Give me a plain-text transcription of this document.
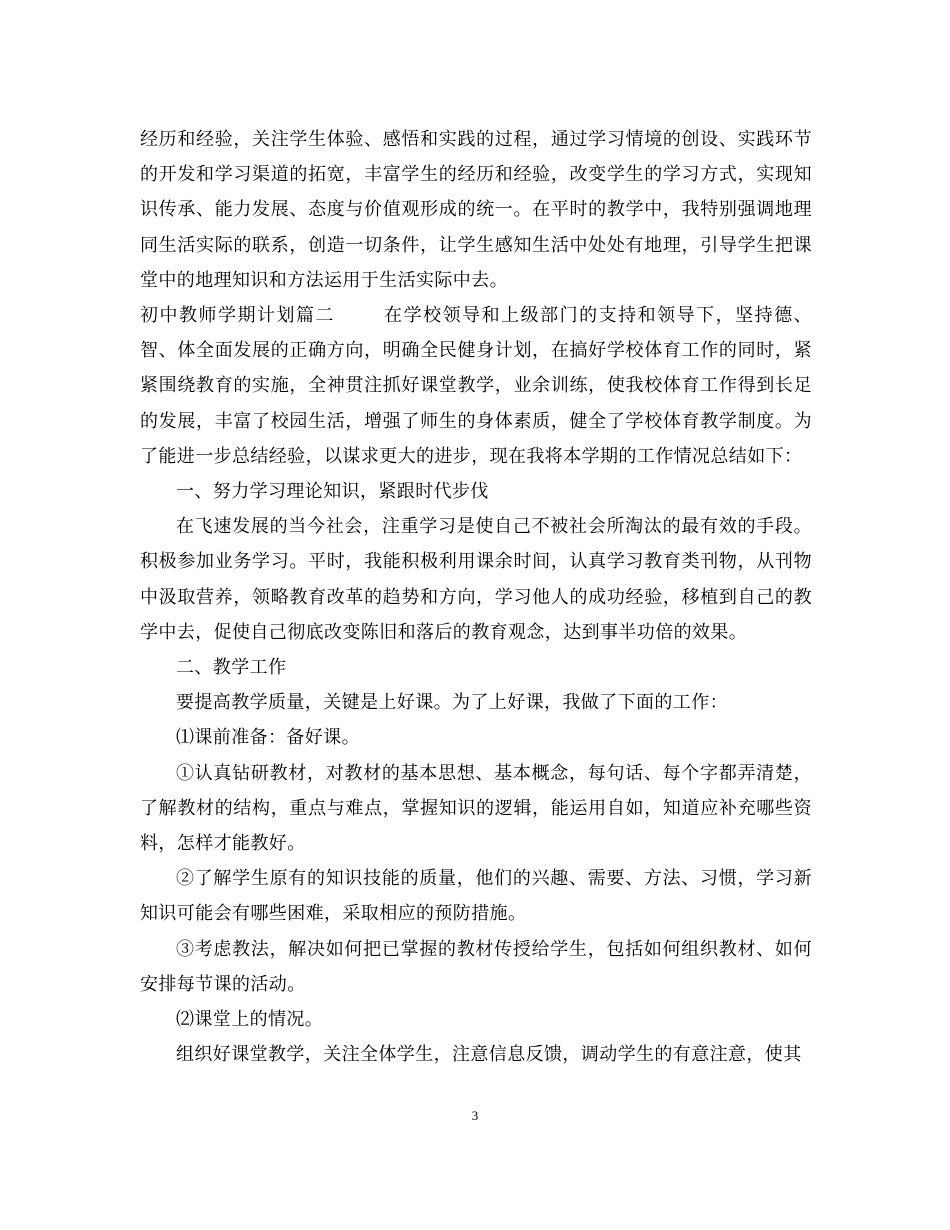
经历和经验，关注学生体验、感悟和实践的过程，通过学习情境的创设、实践环节的开发和学习渠道的拓宽，丰富学生的经历和经验，改变学生的学习方式，实现知识传承、能力发展、态度与价值观形成的统一。在平时的教学中，我特别强调地理同生活实际的联系，创造一切条件，让学生感知生活中处处有地理，引导学生把课堂中的地理知识和方法运用于生活实际中去。

初中教师学期计划篇二	在学校领导和上级部门的支持和领导下，坚持德、智、体全面发展的正确方向，明确全民健身计划，在搞好学校体育工作的同时，紧紧围绕教育的实施，全神贯注抓好课堂教学，业余训练，使我校体育工作得到长足的发展，丰富了校园生活，增强了师生的身体素质，健全了学校体育教学制度。为了能进一步总结经验，以谋求更大的进步，现在我将本学期的工作情况总结如下：

一、努力学习理论知识，紧跟时代步伐

在飞速发展的当今社会，注重学习是使自己不被社会所淘汰的最有效的手段。积极参加业务学习。平时，我能积极利用课余时间，认真学习教育类刊物，从刊物中汲取营养，领略教育改革的趋势和方向，学习他人的成功经验，移植到自己的教学中去，促使自己彻底改变陈旧和落后的教育观念，达到事半功倍的效果。

二、教学工作

要提高教学质量，关键是上好课。为了上好课，我做了下面的工作：

⑴课前准备：备好课。

①认真钻研教材，对教材的基本思想、基本概念，每句话、每个字都弄清楚，了解教材的结构，重点与难点，掌握知识的逻辑，能运用自如，知道应补充哪些资料，怎样才能教好。

②了解学生原有的知识技能的质量，他们的兴趣、需要、方法、习惯，学习新知识可能会有哪些困难，采取相应的预防措施。

③考虑教法，解决如何把已掌握的教材传授给学生，包括如何组织教材、如何安排每节课的活动。

⑵课堂上的情况。

组织好课堂教学，关注全体学生，注意信息反馈，调动学生的有意注意，使其

3
